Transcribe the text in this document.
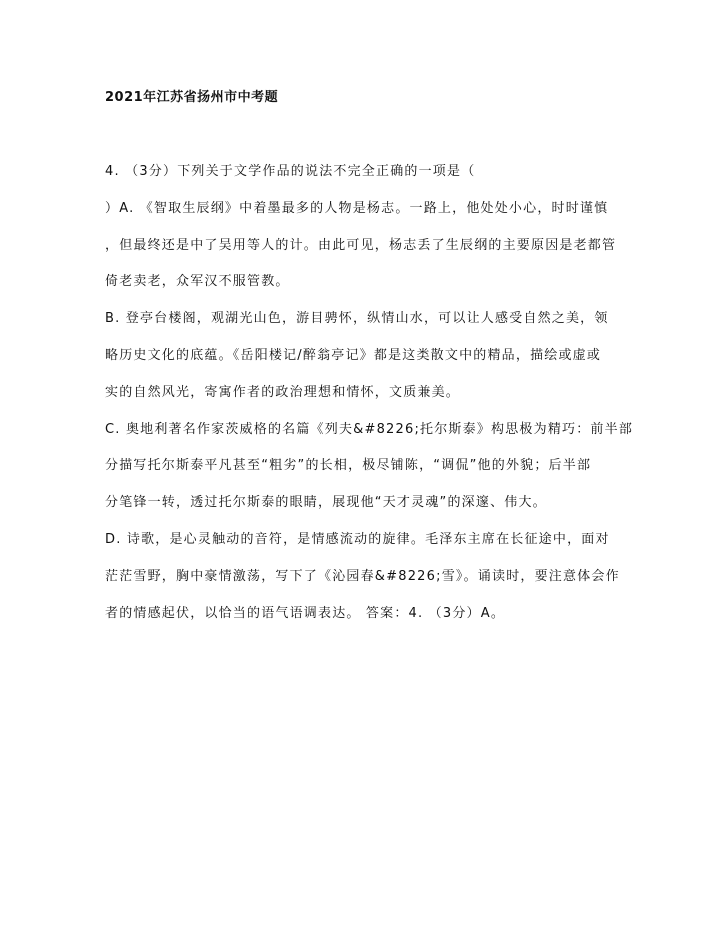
2021年江苏省扬州市中考题
4. （3分）下列关于文学作品的说法不完全正确的一项是（
）A. 《智取生辰纲》中着墨最多的人物是杨志。一路上，他处处小心，时时谨慎
，但最终还是中了吴用等人的计。由此可见，杨志丢了生辰纲的主要原因是老都管
倚老卖老，众军汉不服管教。
B. 登亭台楼阁，观湖光山色，游目骋怀，纵情山水，可以让人感受自然之美，领
略历史文化的底蕴。《岳阳楼记/醉翁亭记》都是这类散文中的精品，描绘或虚或
实的自然风光，寄寓作者的政治理想和情怀，文质兼美。
C. 奥地利著名作家茨威格的名篇《列夫&#8226;托尔斯泰》构思极为精巧：前半部
分描写托尔斯泰平凡甚至“粗劣”的长相，极尽铺陈，“调侃”他的外貌；后半部
分笔锋一转，透过托尔斯泰的眼睛，展现他“天才灵魂”的深邃、伟大。
D. 诗歌，是心灵触动的音符，是情感流动的旋律。毛泽东主席在长征途中，面对
茫茫雪野，胸中豪情激荡，写下了《沁园春&#8226;雪》。诵读时，要注意体会作
者的情感起伏，以恰当的语气语调表达。 答案：4. （3分）A。
